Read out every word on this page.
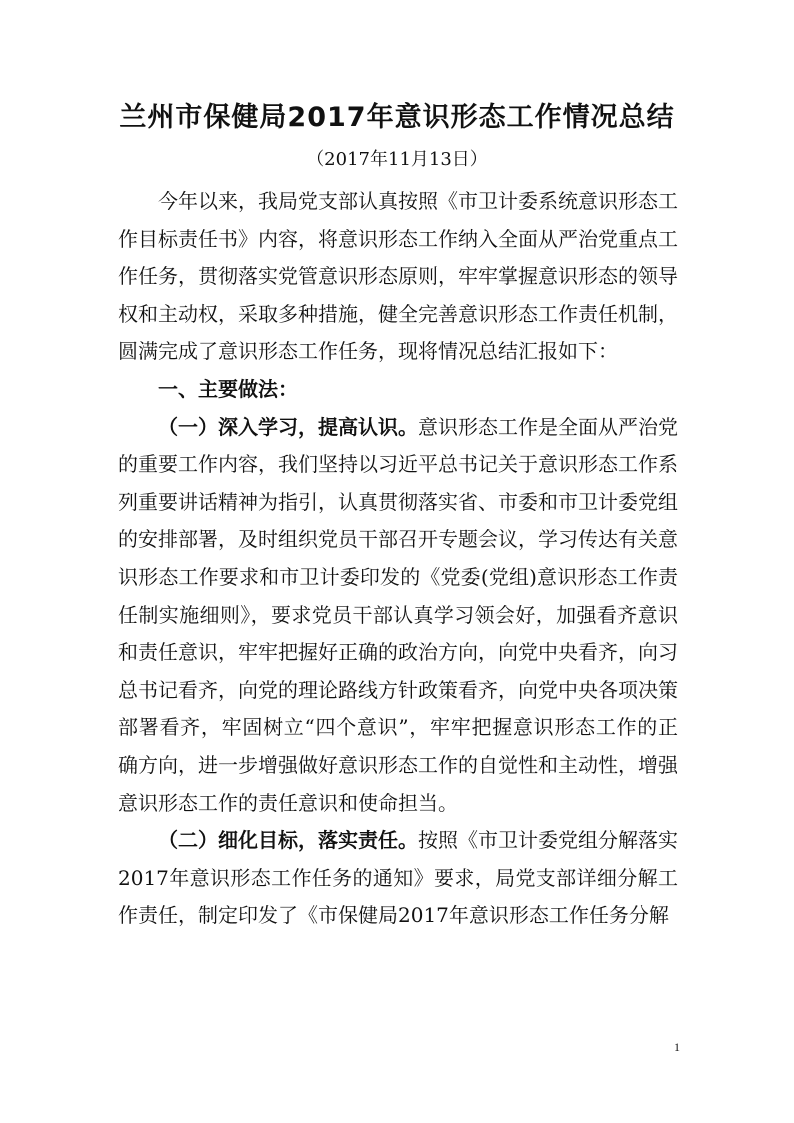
兰州市保健局2017年意识形态工作情况总结
（2017年11月13日）

今年以来，我局党支部认真按照《市卫计委系统意识形态工作目标责任书》内容，将意识形态工作纳入全面从严治党重点工作任务，贯彻落实党管意识形态原则，牢牢掌握意识形态的领导权和主动权，采取多种措施，健全完善意识形态工作责任机制，圆满完成了意识形态工作任务，现将情况总结汇报如下：

一、主要做法：

（一）深入学习，提高认识。意识形态工作是全面从严治党的重要工作内容，我们坚持以习近平总书记关于意识形态工作系列重要讲话精神为指引，认真贯彻落实省、市委和市卫计委党组的安排部署，及时组织党员干部召开专题会议，学习传达有关意识形态工作要求和市卫计委印发的《党委(党组)意识形态工作责任制实施细则》，要求党员干部认真学习领会好，加强看齐意识和责任意识，牢牢把握好正确的政治方向，向党中央看齐，向习总书记看齐，向党的理论路线方针政策看齐，向党中央各项决策部署看齐，牢固树立“四个意识”，牢牢把握意识形态工作的正确方向，进一步增强做好意识形态工作的自觉性和主动性，增强意识形态工作的责任意识和使命担当。

（二）细化目标，落实责任。按照《市卫计委党组分解落实2017年意识形态工作任务的通知》要求，局党支部详细分解工作责任，制定印发了《市保健局2017年意识形态工作任务分解

1
